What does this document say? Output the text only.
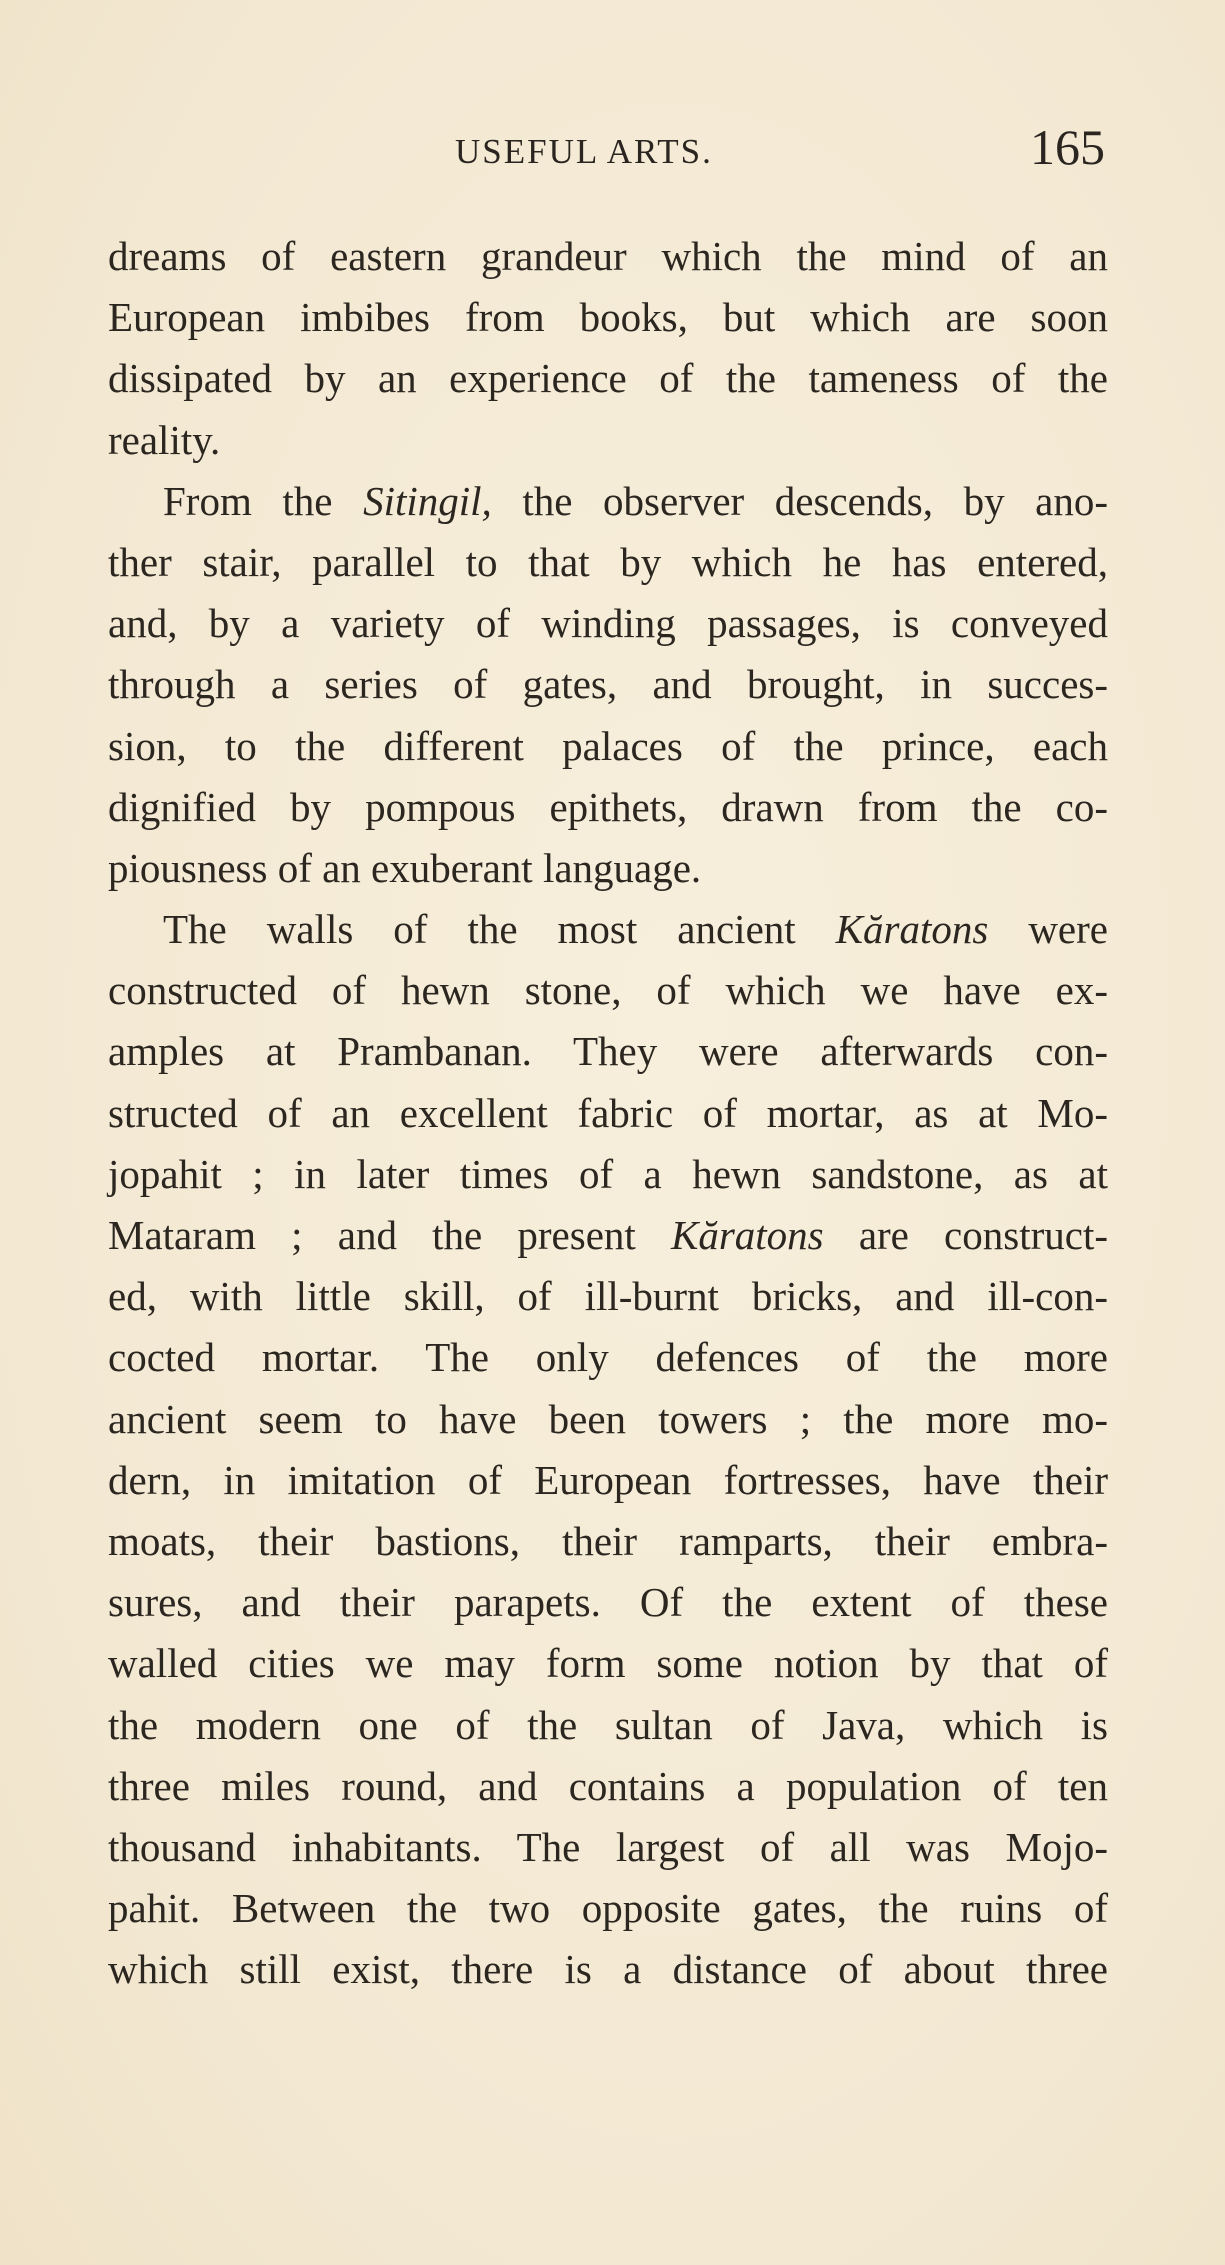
USEFUL ARTS.	165
dreams of eastern grandeur which the mind of an
European imbibes from books, but which are soon
dissipated by an experience of the tameness of the
reality.
From the Sitingil, the observer descends, by ano-
ther stair, parallel to that by which he has entered,
and, by a variety of winding passages, is conveyed
through a series of gates, and brought, in succes-
sion, to the different palaces of the prince, each
dignified by pompous epithets, drawn from the co-
piousness of an exuberant language.
The walls of the most ancient Kăratons were
constructed of hewn stone, of which we have ex-
amples at Prambanan. They were afterwards con-
structed of an excellent fabric of mortar, as at Mo-
jopahit ; in later times of a hewn sandstone, as at
Mataram ; and the present Kăratons are construct-
ed, with little skill, of ill-burnt bricks, and ill-con-
cocted mortar. The only defences of the more
ancient seem to have been towers ; the more mo-
dern, in imitation of European fortresses, have their
moats, their bastions, their ramparts, their embra-
sures, and their parapets. Of the extent of these
walled cities we may form some notion by that of
the modern one of the sultan of Java, which is
three miles round, and contains a population of ten
thousand inhabitants. The largest of all was Mojo-
pahit. Between the two opposite gates, the ruins of
which still exist, there is a distance of about three
